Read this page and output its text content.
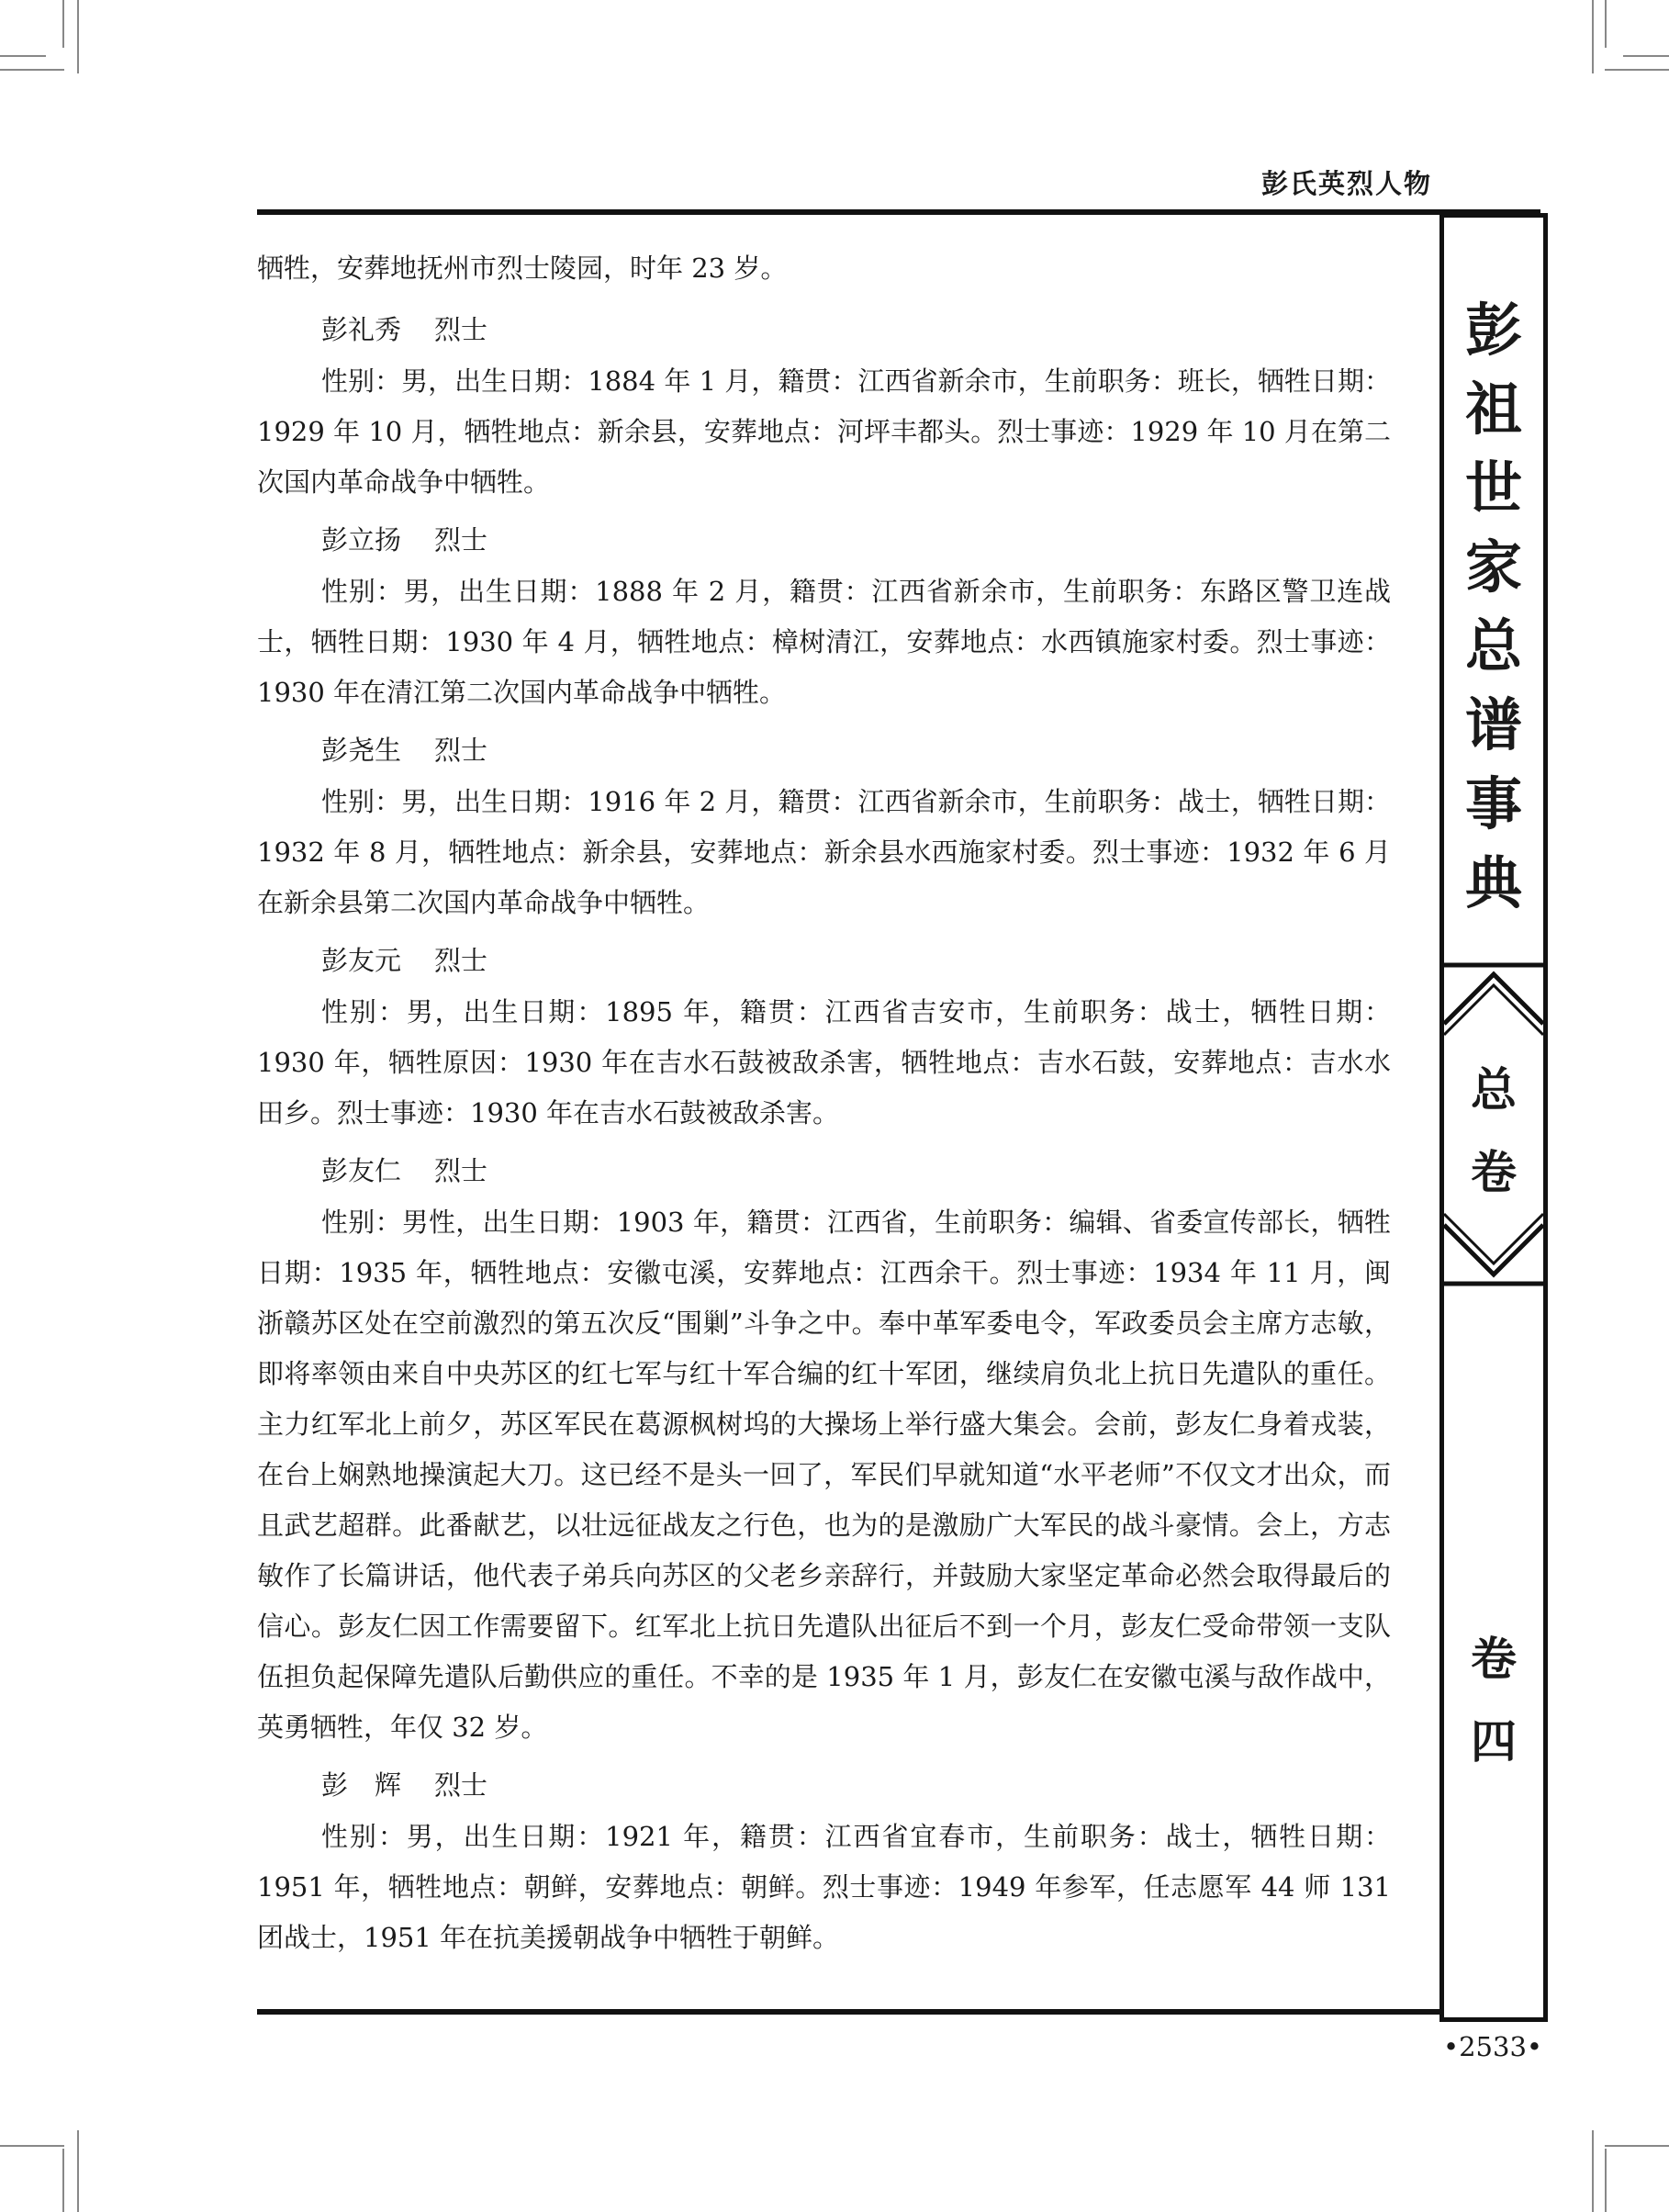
彭氏英烈人物

牺牲，安葬地抚州市烈士陵园，时年 23 岁。

彭礼秀 烈士

性别：男，出生日期：1884 年 1 月，籍贯：江西省新余市，生前职务：班长，牺牲日期：1929 年 10 月，牺牲地点：新余县，安葬地点：河坪丰都头。烈士事迹：1929 年 10 月在第二次国内革命战争中牺牲。

彭立扬 烈士

性别：男，出生日期：1888 年 2 月，籍贯：江西省新余市，生前职务：东路区警卫连战士，牺牲日期：1930 年 4 月，牺牲地点：樟树清江，安葬地点：水西镇施家村委。烈士事迹：1930 年在清江第二次国内革命战争中牺牲。

彭尧生 烈士

性别：男，出生日期：1916 年 2 月，籍贯：江西省新余市，生前职务：战士，牺牲日期：1932 年 8 月，牺牲地点：新余县，安葬地点：新余县水西施家村委。烈士事迹：1932 年 6 月在新余县第二次国内革命战争中牺牲。

彭友元 烈士

性别：男，出生日期：1895 年，籍贯：江西省吉安市，生前职务：战士，牺牲日期：1930 年，牺牲原因：1930 年在吉水石鼓被敌杀害，牺牲地点：吉水石鼓，安葬地点：吉水水田乡。烈士事迹：1930 年在吉水石鼓被敌杀害。

彭友仁 烈士

性别：男性，出生日期：1903 年，籍贯：江西省，生前职务：编辑、省委宣传部长，牺牲日期：1935 年，牺牲地点：安徽屯溪，安葬地点：江西余干。烈士事迹：1934 年 11 月，闽浙赣苏区处在空前激烈的第五次反“围剿”斗争之中。奉中革军委电令，军政委员会主席方志敏，即将率领由来自中央苏区的红七军与红十军合编的红十军团，继续肩负北上抗日先遣队的重任。主力红军北上前夕，苏区军民在葛源枫树坞的大操场上举行盛大集会。会前，彭友仁身着戎装，在台上娴熟地操演起大刀。这已经不是头一回了，军民们早就知道“水平老师”不仅文才出众，而且武艺超群。此番献艺，以壮远征战友之行色，也为的是激励广大军民的战斗豪情。会上，方志敏作了长篇讲话，他代表子弟兵向苏区的父老乡亲辞行，并鼓励大家坚定革命必然会取得最后的信心。彭友仁因工作需要留下。红军北上抗日先遣队出征后不到一个月，彭友仁受命带领一支队伍担负起保障先遣队后勤供应的重任。不幸的是 1935 年 1 月，彭友仁在安徽屯溪与敌作战中，英勇牺牲，年仅 32 岁。

彭　辉 烈士

性别：男，出生日期：1921 年，籍贯：江西省宜春市，生前职务：战士，牺牲日期：1951 年，牺牲地点：朝鲜，安葬地点：朝鲜。烈士事迹：1949 年参军，任志愿军 44 师 131 团战士，1951 年在抗美援朝战争中牺牲于朝鲜。

彭
祖
世
家
总
谱
事
典
总
卷
卷
四
•2533•
